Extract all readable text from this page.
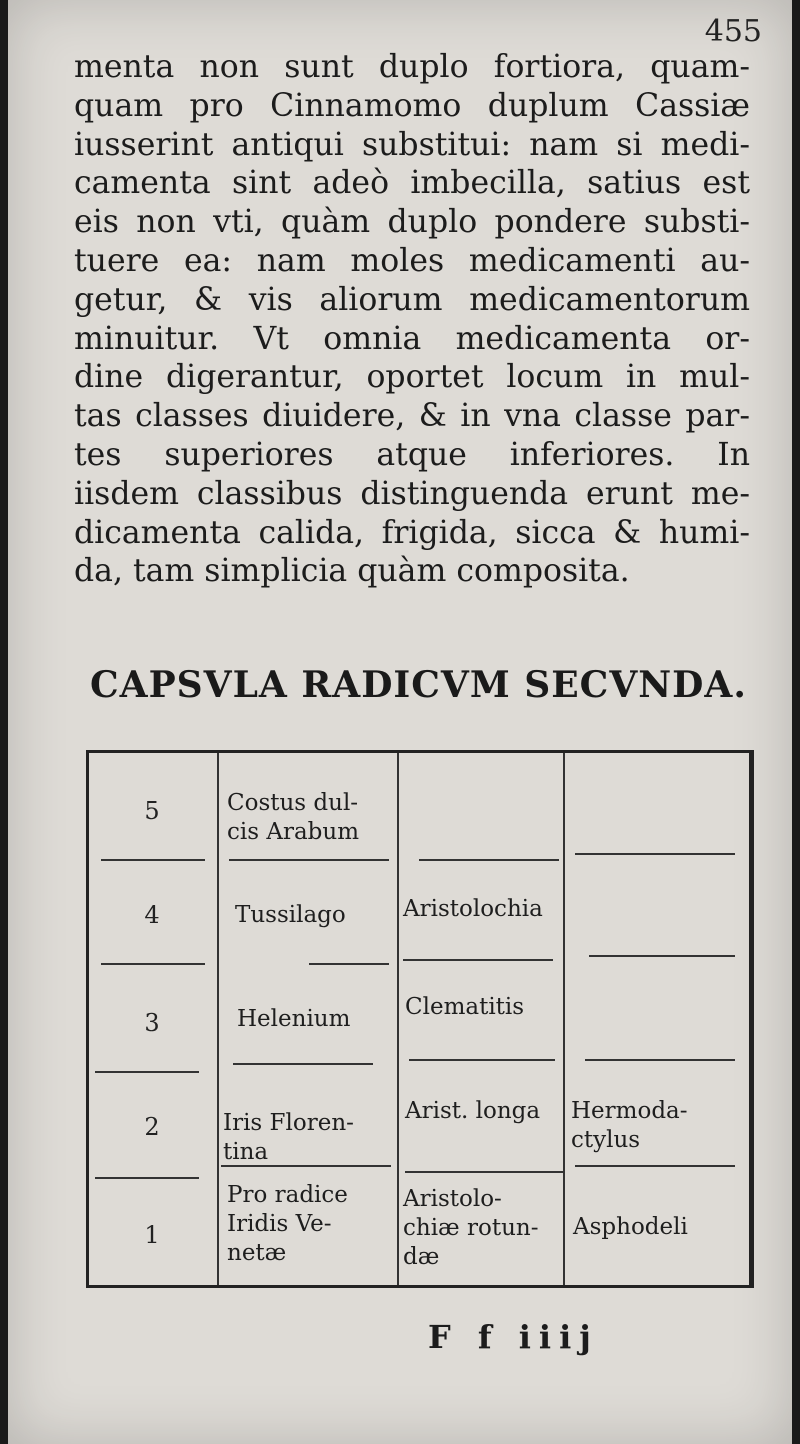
455
menta non sunt duplo fortiora, quam-
quam pro Cinnamomo duplum Cassiæ
iusserint antiqui substitui: nam si medi-
camenta sint adeò imbecilla, satius est
eis non vti, quàm duplo pondere substi-
tuere ea: nam moles medicamenti au-
getur, & vis aliorum medicamentorum
minuitur. Vt omnia medicamenta or-
dine digerantur, oportet locum in mul-
tas classes diuidere, & in vna classe par-
tes superiores atque inferiores. In
iisdem classibus distinguenda erunt me-
dicamenta calida, frigida, sicca & humi-
da, tam simplicia quàm composita.
CAPSVLA RADICVM SECVNDA.
5
4
3
2
1
Costus dul- cis Arabum
Tussilago
Helenium
Iris Floren- tina
Pro radice Iridis Ve- netæ
Aristolochia
Clematitis
Arist. longa
Aristolo- chiæ rotun- dæ
Hermoda- ctylus
Asphodeli
F f iiij
